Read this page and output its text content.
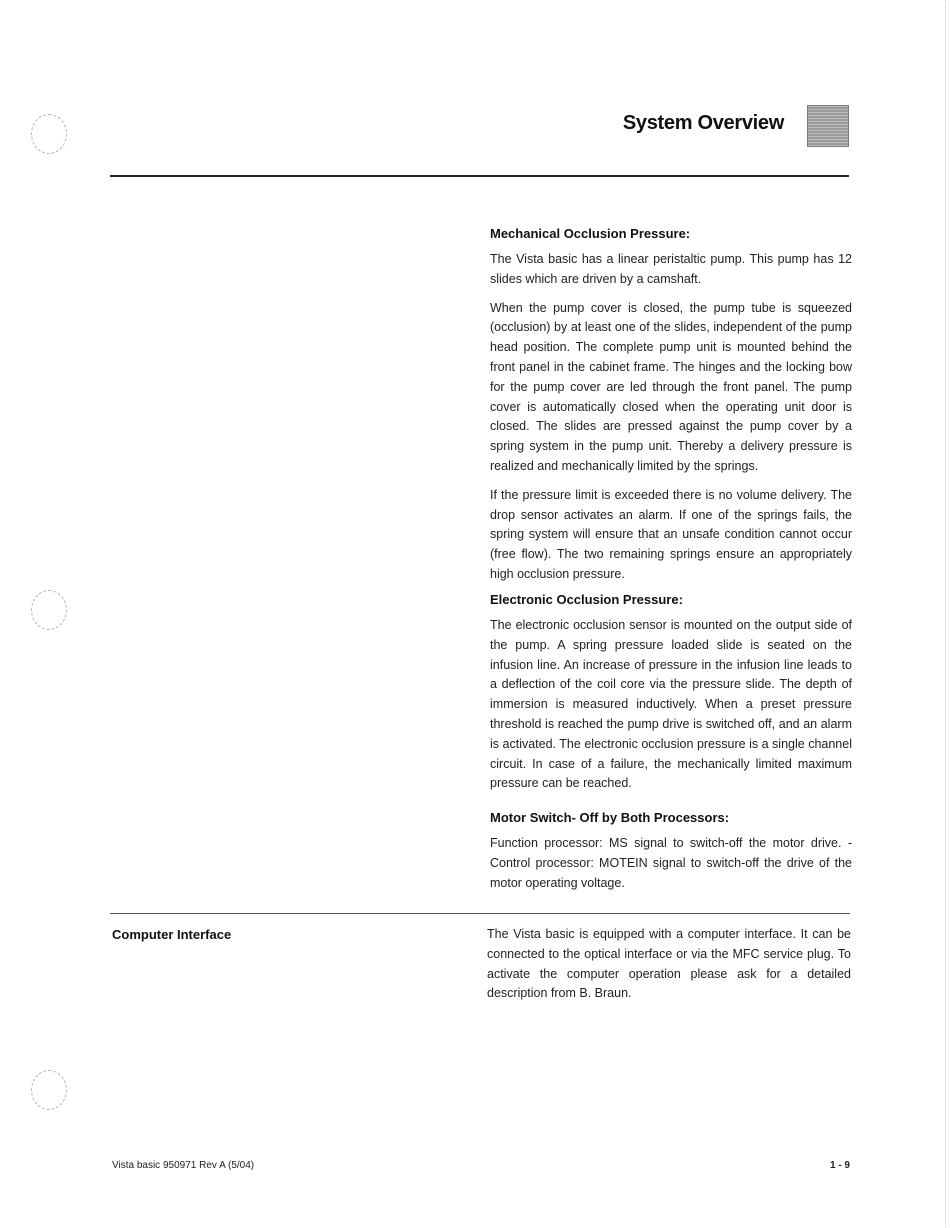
System Overview
Mechanical Occlusion Pressure:

The Vista basic has a linear peristaltic pump. This pump has 12 slides which are driven by a camshaft.

When the pump cover is closed, the pump tube is squeezed (occlusion) by at least one of the slides, independent of the pump head position. The complete pump unit is mounted behind the front panel in the cabinet frame. The hinges and the locking bow for the pump cover are led through the front panel. The pump cover is automatically closed when the operating unit door is closed. The slides are pressed against the pump cover by a spring system in the pump unit. Thereby a delivery pressure is realized and mechanically limited by the springs.

If the pressure limit is exceeded there is no volume delivery. The drop sensor activates an alarm. If one of the springs fails, the spring system will ensure that an unsafe condition cannot occur (free flow). The two remaining springs ensure an appropriately high occlusion pressure.

Electronic Occlusion Pressure:

The electronic occlusion sensor is mounted on the output side of the pump. A spring pressure loaded slide is seated on the infusion line. An increase of pressure in the infusion line leads to a deflection of the coil core via the pressure slide. The depth of immersion is measured inductively. When a preset pressure threshold is reached the pump drive is switched off, and an alarm is activated. The electronic occlusion pressure is a single channel circuit. In case of a failure, the mechanically limited maximum pressure can be reached.

Motor Switch- Off by Both Processors:

Function processor: MS signal to switch-off the motor drive. - Control processor: MOTEIN signal to switch-off the drive of the motor operating voltage.

Computer Interface	The Vista basic is equipped with a computer interface. It can be connected to the optical interface or via the MFC service plug. To activate the computer operation please ask for a detailed description from B. Braun.

Vista basic 950971 Rev A (5/04)	1 - 9
